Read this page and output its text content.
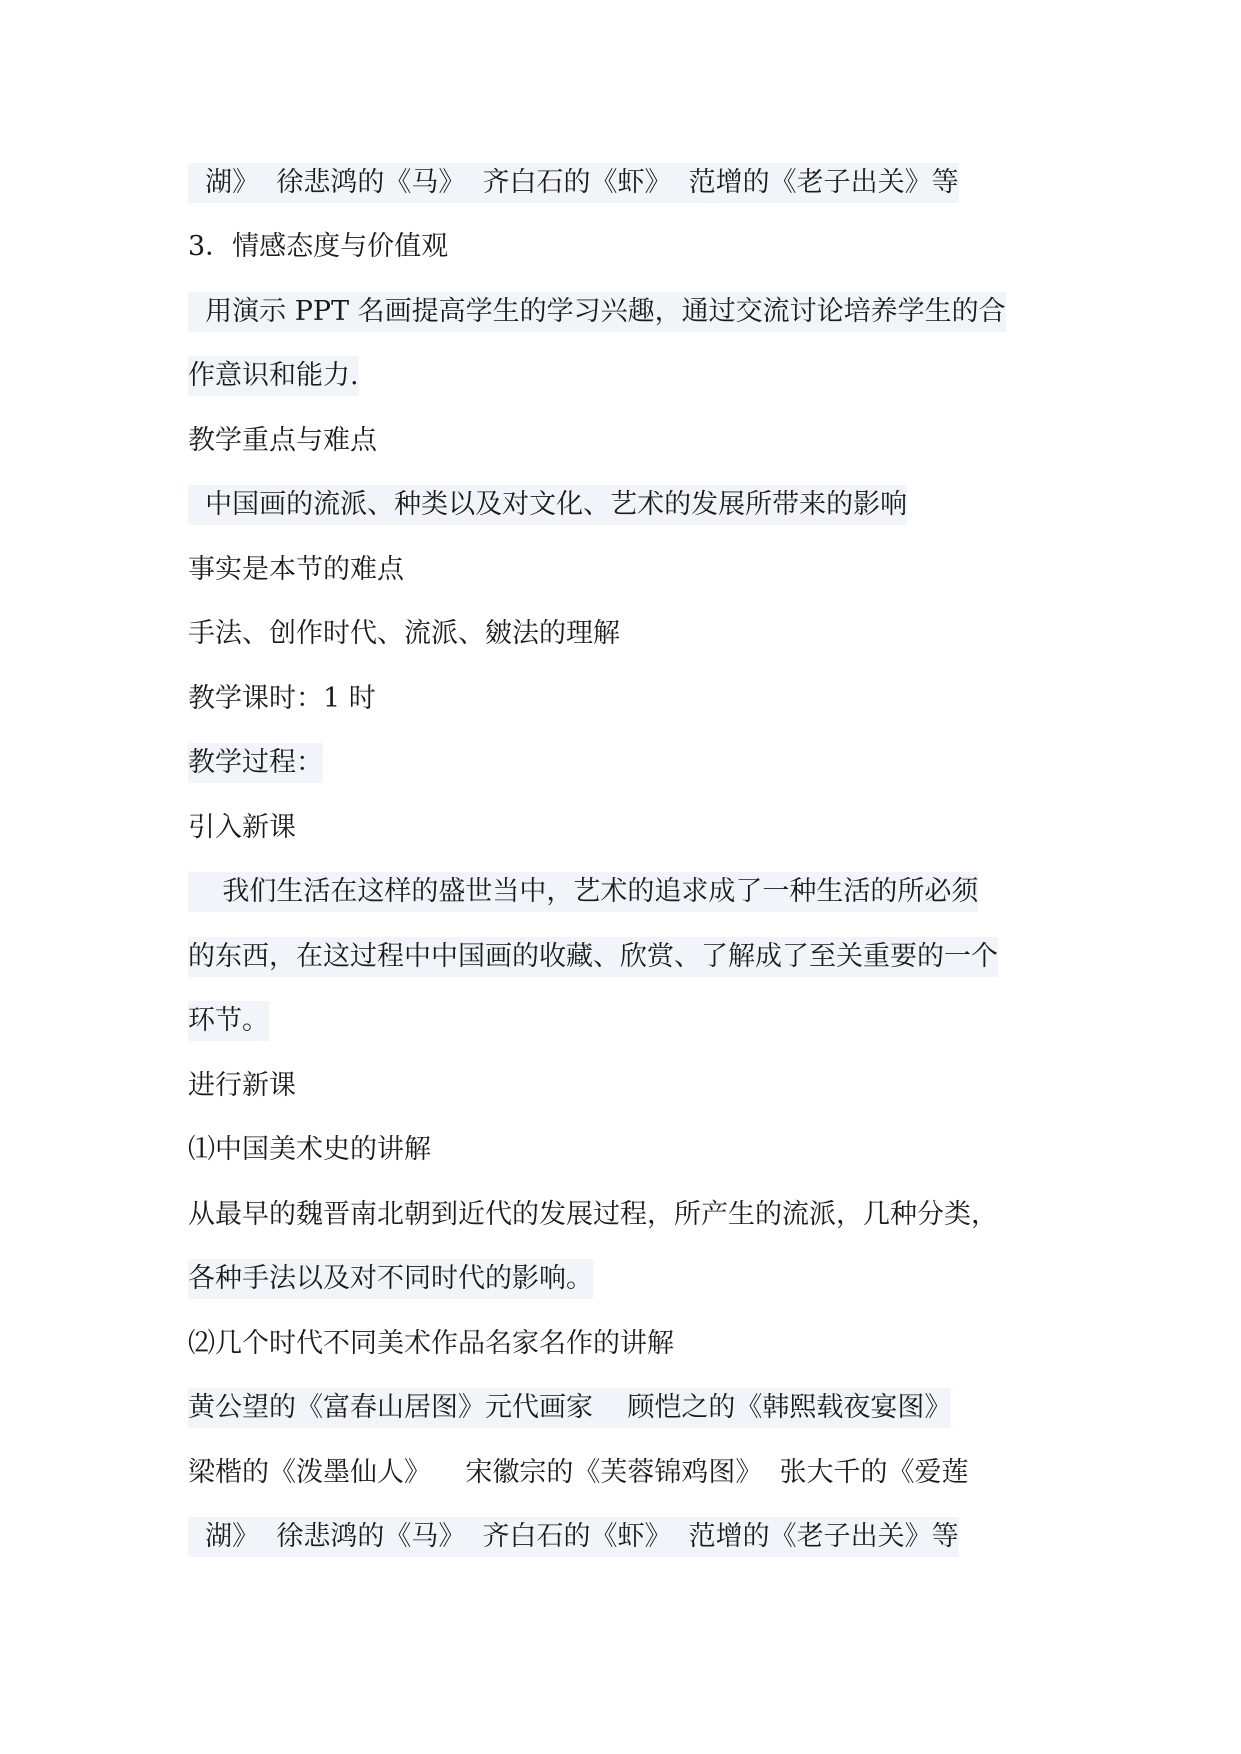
湖》  徐悲鸿的《马》  齐白石的《虾》  范增的《老子出关》等
3．情感态度与价值观
用演示 PPT 名画提高学生的学习兴趣，通过交流讨论培养学生的合
作意识和能力.
教学重点与难点
中国画的流派、种类以及对文化、艺术的发展所带来的影响
事实是本节的难点
手法、创作时代、流派、皴法的理解
教学课时：1 时
教学过程：
引入新课
我们生活在这样的盛世当中，艺术的追求成了一种生活的所必须
的东西，在这过程中中国画的收藏、欣赏、了解成了至关重要的一个
环节。
进行新课
⑴中国美术史的讲解
从最早的魏晋南北朝到近代的发展过程，所产生的流派，几种分类，
各种手法以及对不同时代的影响。
⑵几个时代不同美术作品名家名作的讲解
黄公望的《富春山居图》元代画家    顾恺之的《韩熙载夜宴图》
梁楷的《泼墨仙人》    宋徽宗的《芙蓉锦鸡图》  张大千的《爱莲
湖》  徐悲鸿的《马》  齐白石的《虾》  范增的《老子出关》等
